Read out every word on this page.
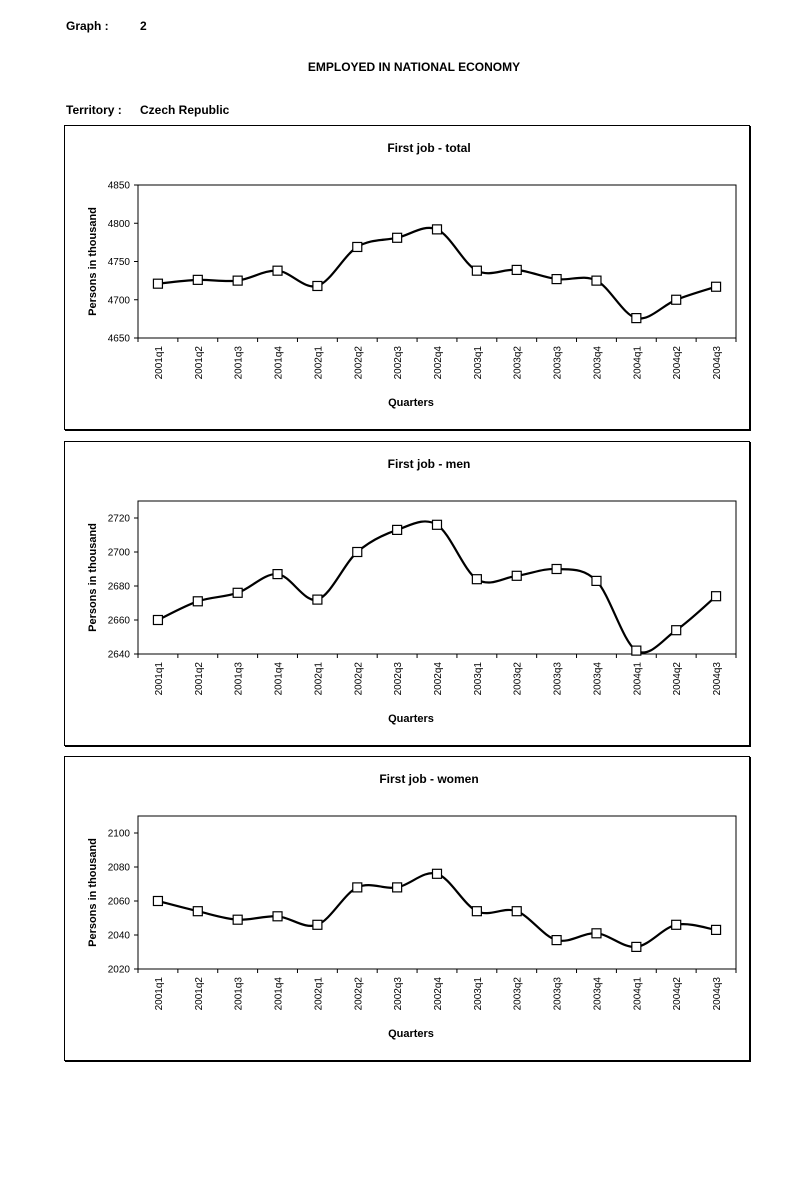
Graph :	2
EMPLOYED IN NATIONAL ECONOMY
Territory : Czech Republic
First job - total
4650
4700
4750
4800
4850
2001q1	2001q2	2001q3	2001q4	2002q1	2002q2	2002q3	2002q4	2003q1	2003q2	2003q3	2003q4	2004q1	2004q2	2004q3
Quarters
Persons in thousand
First job - men
2640
2660
2680
2700
2720
2001q1	2001q2	2001q3	2001q4	2002q1	2002q2	2002q3	2002q4	2003q1	2003q2	2003q3	2003q4	2004q1	2004q2	2004q3
Quarters
Persons in thousand
First job - women
2020
2040
2060
2080
2100
2001q1	2001q2	2001q3	2001q4	2002q1	2002q2	2002q3	2002q4	2003q1	2003q2	2003q3	2003q4	2004q1	2004q2	2004q3
Quarters
Persons in thousand
